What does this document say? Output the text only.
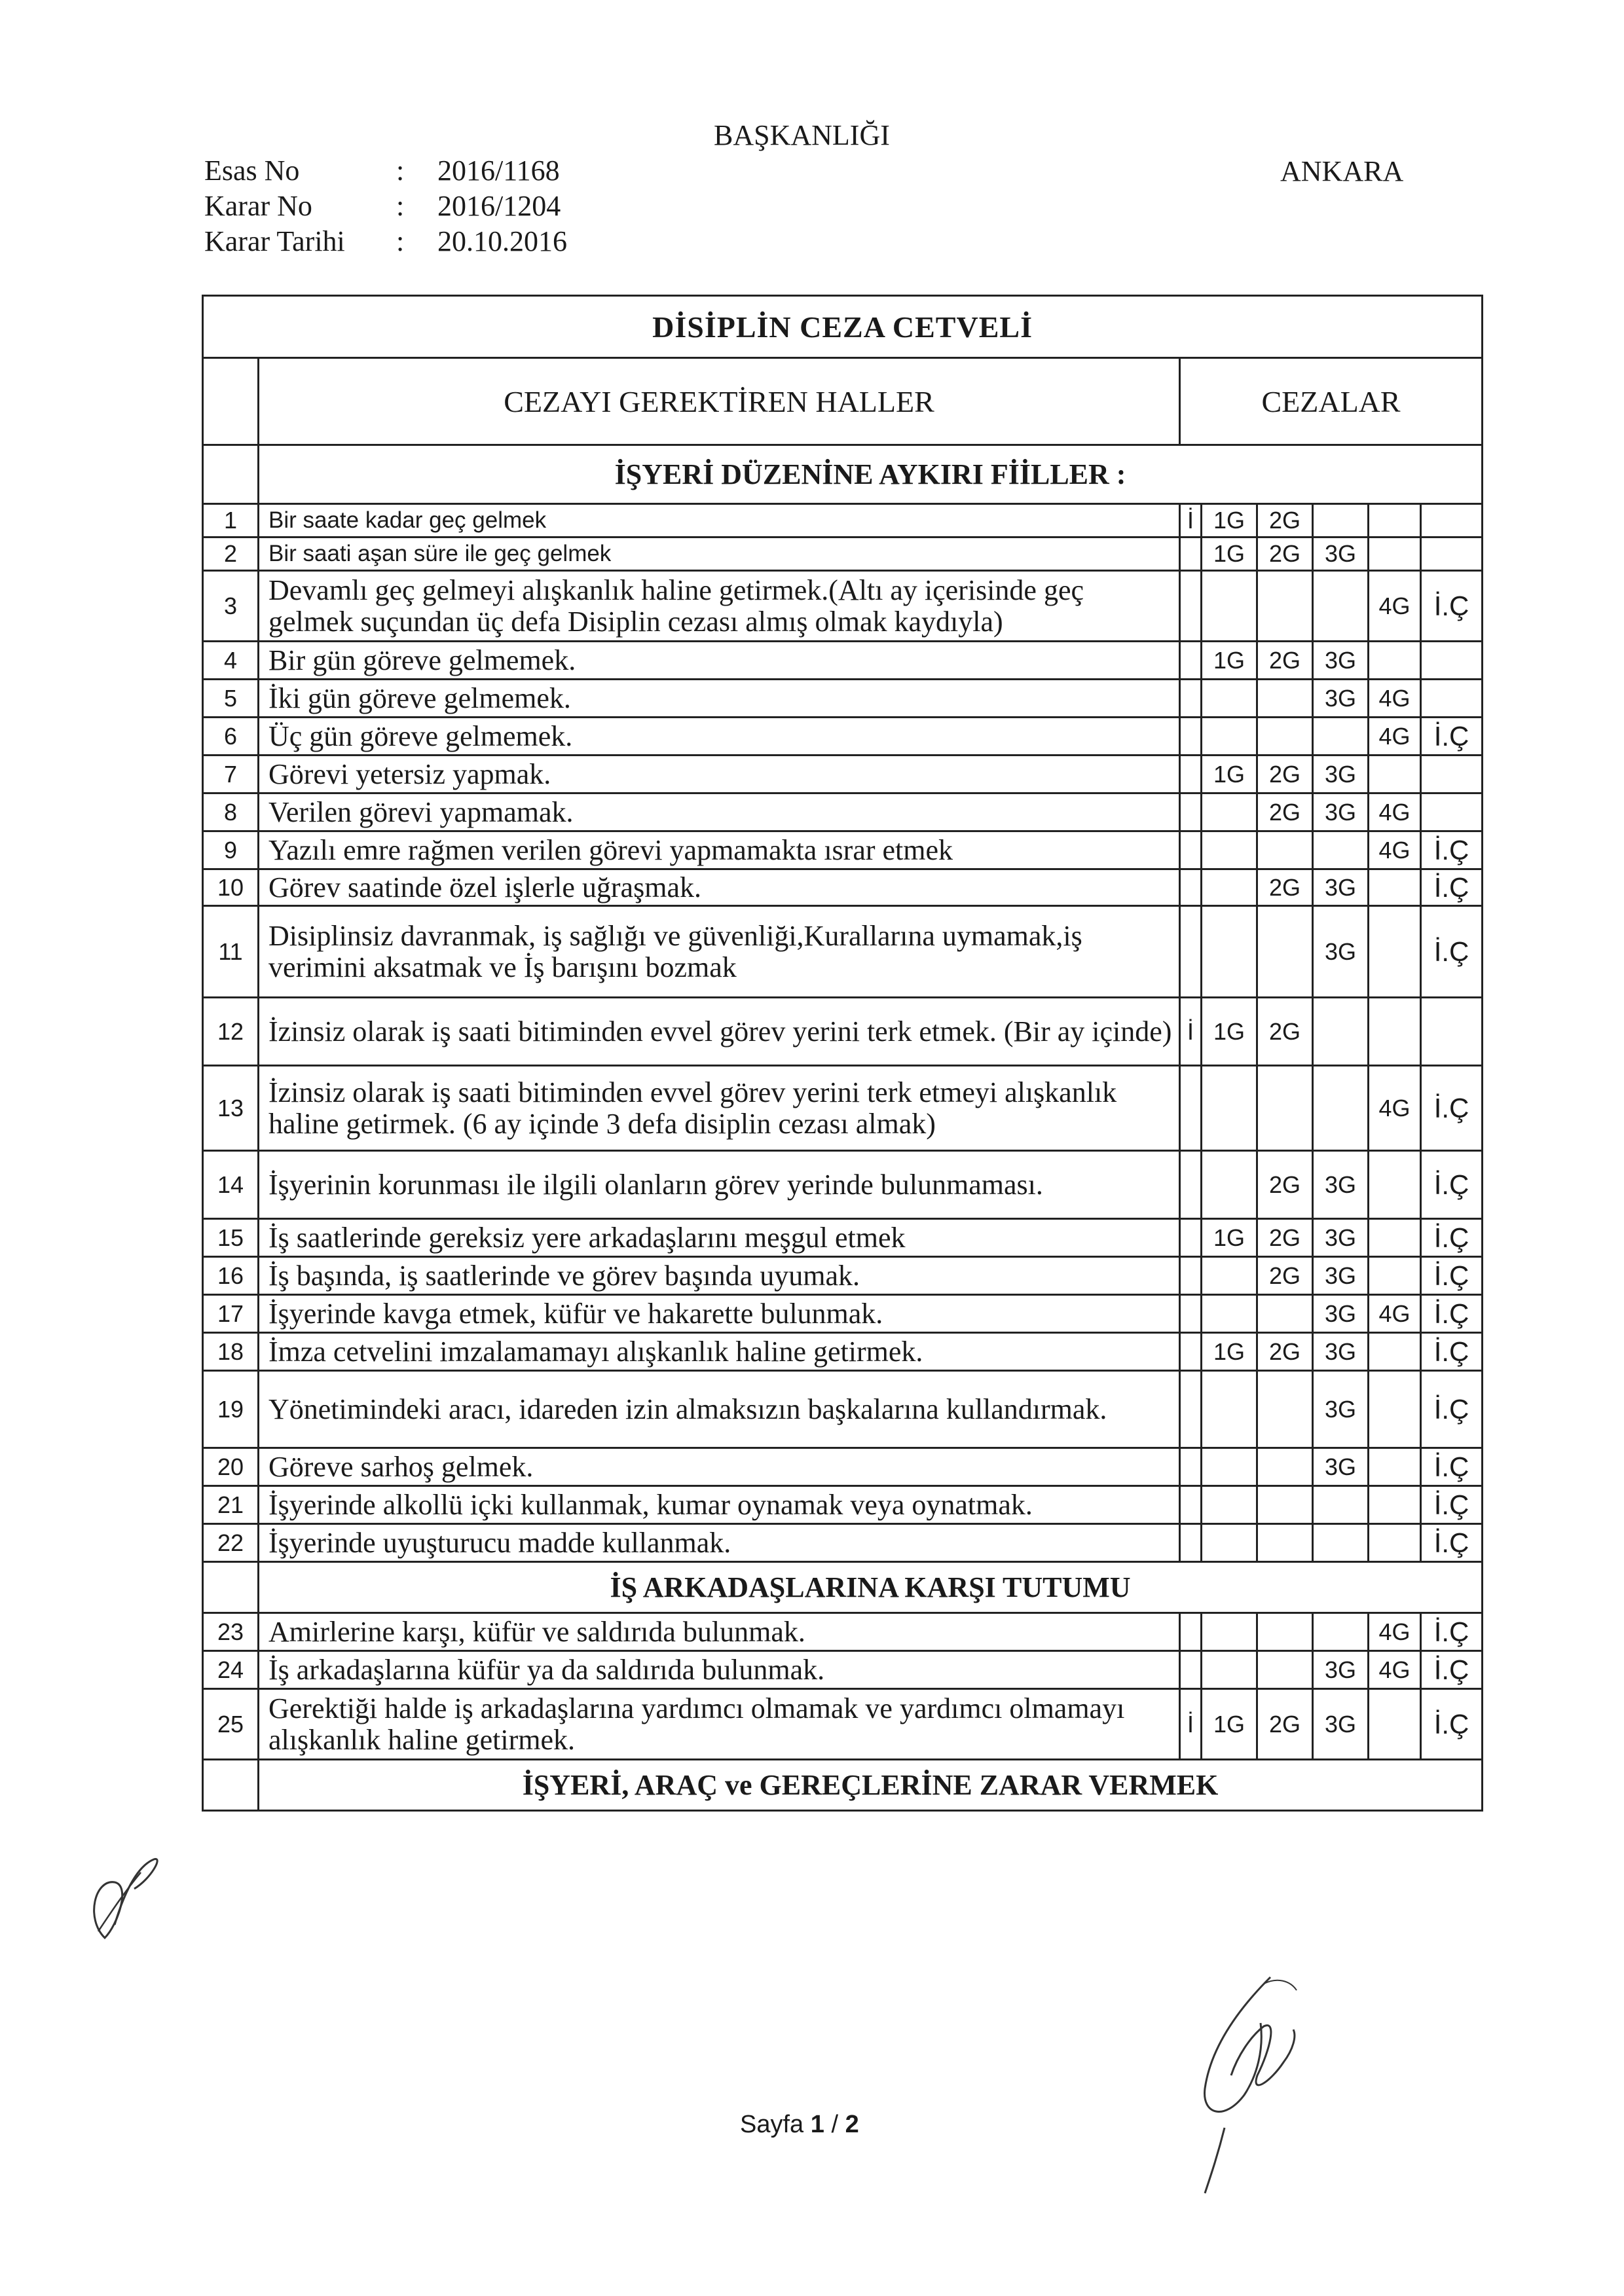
BAŞKANLIĞI
ANKARA
Esas No	: 2016/1168
Karar No	: 2016/1204
Karar Tarihi : 20.10.2016
DİSİPLİN CEZA CETVELİ							
	CEZAYI GEREKTİREN HALLER	CEZALAR					
	İŞYERİ DÜZENİNE AYKIRI FİİLLER :						
1	Bir saate kadar geç gelmek	İ	1G	2G			
2	Bir saati aşan süre ile geç gelmek		1G	2G	3G		
3	Devamlı geç gelmeyi alışkanlık haline getirmek.(Altı ay içerisinde geç gelmek suçundan üç defa Disiplin cezası almış olmak kaydıyla)					4G	İ.Ç
4	Bir gün göreve gelmemek.		1G	2G	3G		
5	İki gün göreve gelmemek.				3G	4G	
6	Üç gün göreve gelmemek.					4G	İ.Ç
7	Görevi yetersiz yapmak.		1G	2G	3G		
8	Verilen görevi yapmamak.			2G	3G	4G	
9	Yazılı emre rağmen verilen görevi yapmamakta ısrar etmek					4G	İ.Ç
10	Görev saatinde özel işlerle uğraşmak.			2G	3G		İ.Ç
11	Disiplinsiz davranmak, iş sağlığı ve güvenliği,Kurallarına uymamak,iş verimini aksatmak ve İş barışını bozmak				3G		İ.Ç
12	İzinsiz olarak iş saati bitiminden evvel görev yerini terk etmek. (Bir ay içinde)	İ	1G	2G			
13	İzinsiz olarak iş saati bitiminden evvel görev yerini terk etmeyi alışkanlık haline getirmek. (6 ay içinde 3 defa disiplin cezası almak)					4G	İ.Ç
14	İşyerinin korunması ile ilgili olanların görev yerinde bulunmaması.			2G	3G		İ.Ç
15	İş saatlerinde gereksiz yere arkadaşlarını meşgul etmek		1G	2G	3G		İ.Ç
16	İş başında, iş saatlerinde ve görev başında uyumak.			2G	3G		İ.Ç
17	İşyerinde kavga etmek, küfür ve hakarette bulunmak.				3G	4G	İ.Ç
18	İmza cetvelini imzalamamayı alışkanlık haline getirmek.		1G	2G	3G		İ.Ç
19	Yönetimindeki aracı, idareden izin almaksızın başkalarına kullandırmak.				3G		İ.Ç
20	Göreve sarhoş gelmek.				3G		İ.Ç
21	İşyerinde alkollü içki kullanmak, kumar oynamak veya oynatmak.						İ.Ç
22	İşyerinde uyuşturucu madde kullanmak.						İ.Ç
	İŞ ARKADAŞLARINA KARŞI TUTUMU						
23	Amirlerine karşı, küfür ve saldırıda bulunmak.					4G	İ.Ç
24	İş arkadaşlarına küfür ya da saldırıda bulunmak.				3G	4G	İ.Ç
25	Gerektiği halde iş arkadaşlarına yardımcı olmamak ve yardımcı olmamayı alışkanlık haline getirmek.	İ	1G	2G	3G		İ.Ç
	İŞYERİ, ARAÇ ve GEREÇLERİNE ZARAR VERMEK						
Sayfa 1 / 2
